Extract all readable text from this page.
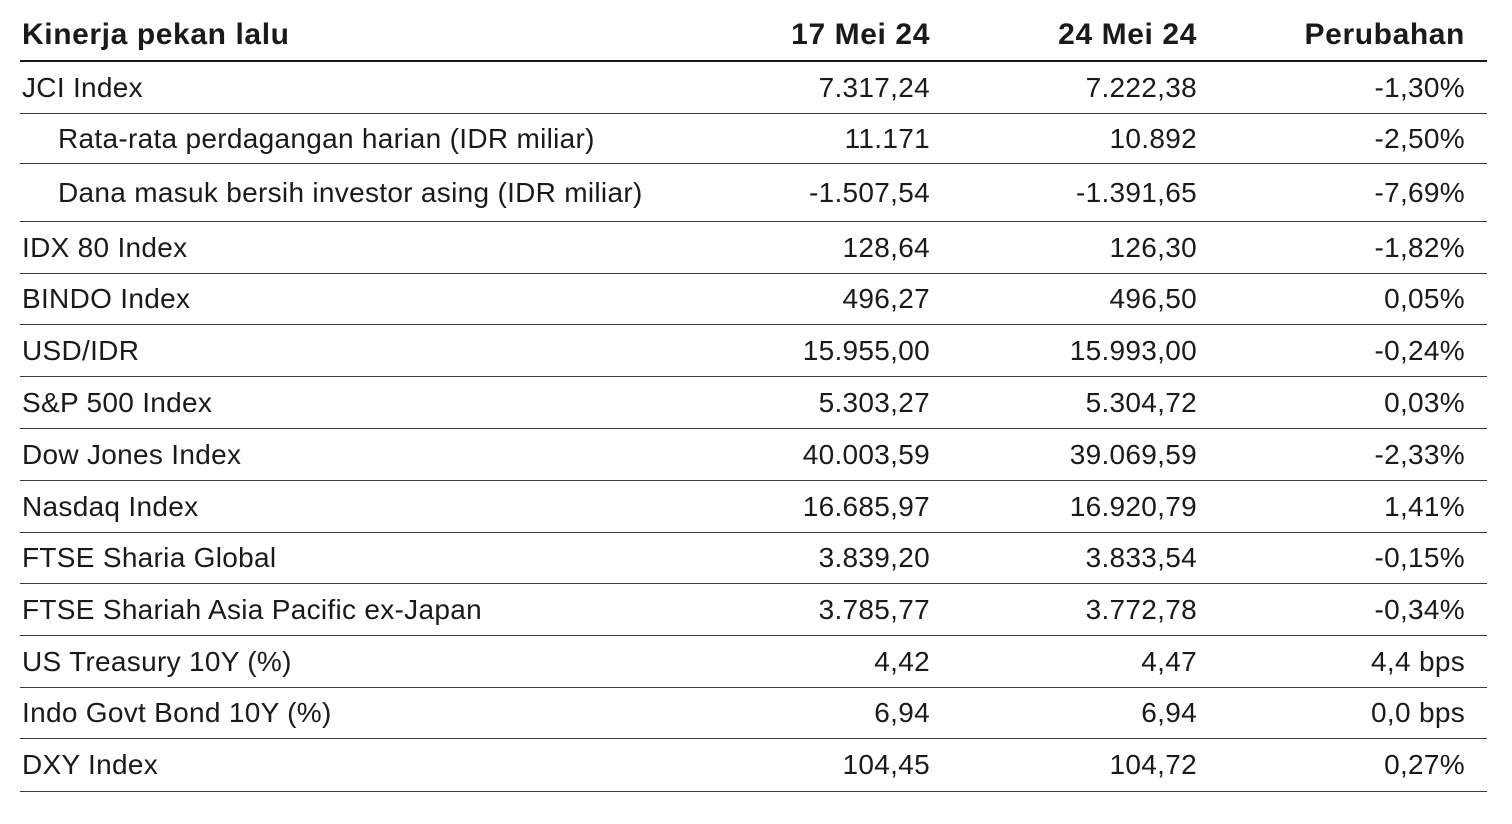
Kinerja pekan lalu	17 Mei 24	24 Mei 24	Perubahan
JCI Index	7.317,24	7.222,38	-1,30%
Rata-rata perdagangan harian (IDR miliar)	11.171	10.892	-2,50%
Dana masuk bersih investor asing (IDR miliar)	-1.507,54	-1.391,65	-7,69%
IDX 80 Index	128,64	126,30	-1,82%
BINDO Index	496,27	496,50	0,05%
USD/IDR	15.955,00	15.993,00	-0,24%
S&P 500 Index	5.303,27	5.304,72	0,03%
Dow Jones Index	40.003,59	39.069,59	-2,33%
Nasdaq Index	16.685,97	16.920,79	1,41%
FTSE Sharia Global	3.839,20	3.833,54	-0,15%
FTSE Shariah Asia Pacific ex-Japan	3.785,77	3.772,78	-0,34%
US Treasury 10Y (%)	4,42	4,47	4,4 bps
Indo Govt Bond 10Y (%)	6,94	6,94	0,0 bps
DXY Index	104,45	104,72	0,27%
